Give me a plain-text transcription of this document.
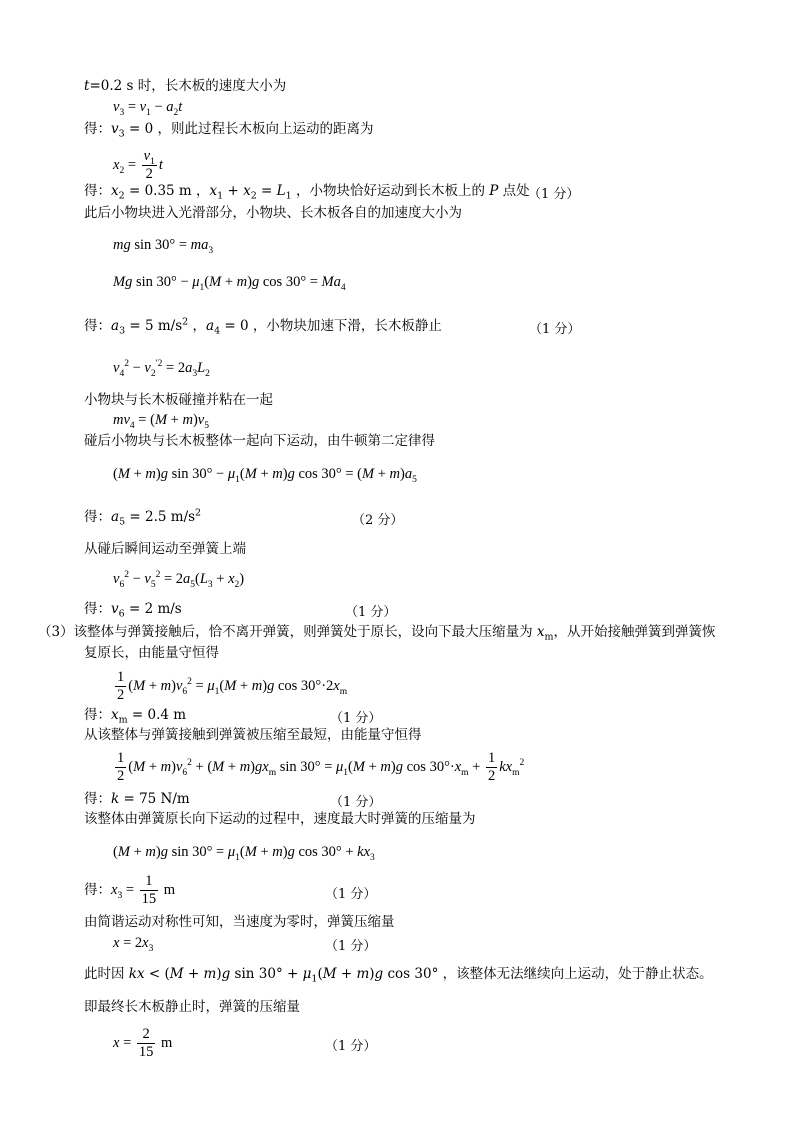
t=0.2 s 时，长木板的速度大小为
$v_3 = v_1 - a_2t$
得：$v_3 = 0$ ，则此过程长木板向上运动的距离为
$x_2 = \frac{v_1}{2}$ t
得：$x_2 = 0.35$ m ，$x_1 + x_2 = L_1$ ，小物块恰好运动到长木板上的 P 点处
（1 分）
此后小物块进入光滑部分，小物块、长木板各自的加速度大小为
mg $\sin 30^\circ = ma_3$
Mg $\sin 30^\circ - \mu_1(M + m)g$ $\cos 30^\circ = Ma_4$
得：$a_3 = 5$ $m/s^2$ ，$a_4 = 0$ ，小物块加速下滑，长木板静止	（1 分）
$v_4^2 - v_2^{'2} = 2a_3L_2$
小物块与长木板碰撞并粘在一起
$mv_4 = (M + m)v_5$
碰后小物块与长木板整体一起向下运动，由牛顿第二定律得
(M + m)g $\sin 30^\circ - \mu_1(M + m)g$ $\cos 30^\circ = (M + m)a_5$
得：$a_5 = 2.5$ $m/s^2$	（2 分）
从碰后瞬间运动至弹簧上端
$v_6^2 - v_5^2 = 2a_5(L_3 + x_2)$
得：$v_6 = 2$ m/s	（1 分）
（3）该整体与弹簧接触后，恰不离开弹簧，则弹簧处于原长，设向下最大压缩量为 $x_m$，从开始接触弹簧到弹簧恢
复原长，由能量守恒得
$\frac{1}{2} (M + m)v_6^2 = \mu_1(M + m)g$ $\cos 30^\circ\cdot 2x_m$
得：$x_m = 0.4$ m	（1 分）
从该整体与弹簧接触到弹簧被压缩至最短，由能量守恒得
$\frac{1}{2} (M + m)v_6^2 + (M + m)gx_m$ $\sin 30^\circ = \mu_1(M + m)g$ $\cos 30^\circ\cdot x_m + \frac{1}{2} kx_m^2$
得：k = 75 N/m	（1 分）
该整体由弹簧原长向下运动的过程中，速度最大时弹簧的压缩量为
(M + m)g $\sin 30^\circ = \mu_1(M + m)g$ $\cos 30^\circ + kx_3$
得：$x_3 = \frac{1}{15}$ m	（1 分）
由简谐运动对称性可知，当速度为零时，弹簧压缩量
$x = 2x_3$	（1 分）
此时因 kx < (M + m)g $\sin 30^\circ + \mu_1(M + m)g$ cos 30° ，该整体无法继续向上运动，处于静止状态。
即最终长木板静止时，弹簧的压缩量
$x = \frac{2}{15}$ m	（1 分）
